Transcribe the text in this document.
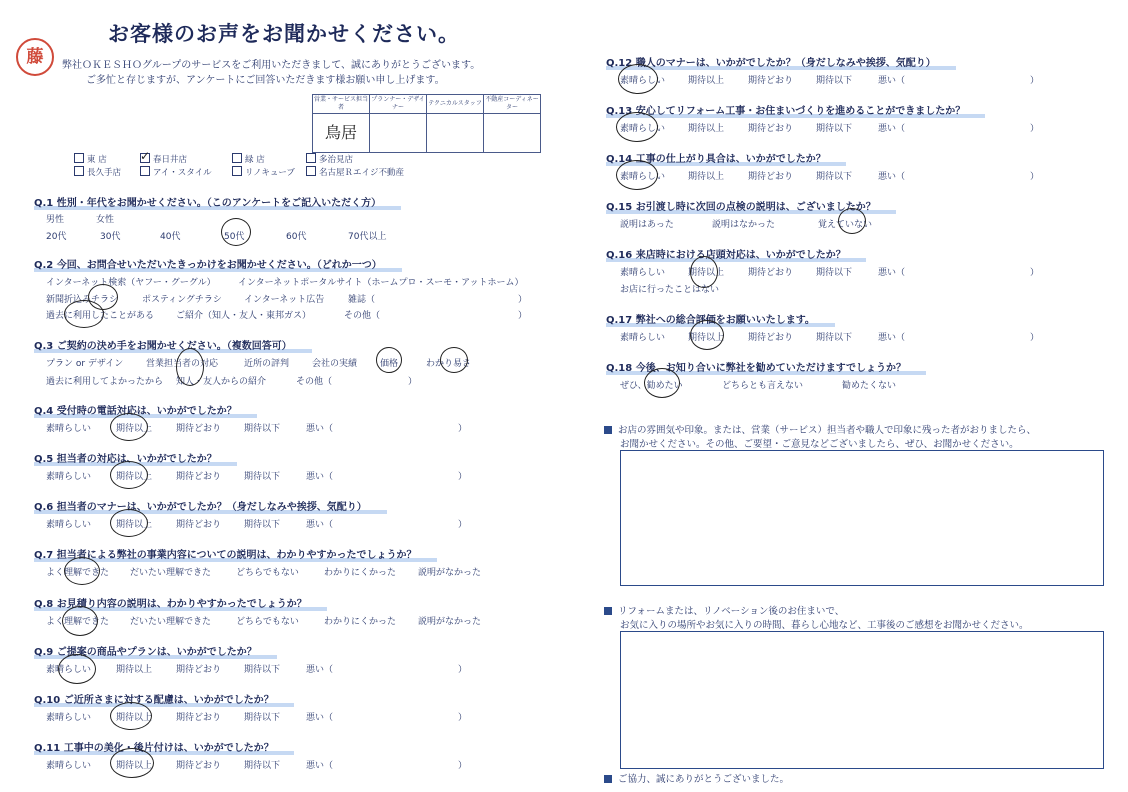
藤
お客様のお声をお聞かせください。
弊社ＯＫＥＳＨＯグループのサービスをご利用いただきまして、誠にありがとうございます。
ご多忙と存じますが、アンケートにご回答いただきます様お願い申し上げます。
営業・サービス担当者	プランナー・デザイナー	テクニカルスタッフ	不動産コーディネーター
鳥居			
東 店	✓ 春日井店	緑 店	多治見店
長久手店	アイ・スタイル	リノキューブ	名古屋Ｒエイジ不動産
Q.1 性別・年代をお聞かせください。（このアンケートをご記入いただく方）
男性	女性
20代	30代	40代	50代	60代	70代以上
Q.2 今回、お問合せいただいたきっかけをお聞かせください。（どれか一つ）
インターネット検索（ヤフー・グーグル） インターネットポータルサイト（ホームプロ・スーモ・アットホーム）
新聞折込みチラシ	ポスティングチラシ インターネット広告	雑誌（	）
過去に利用したことがある ご紹介（知人・友人・東邦ガス）	その他（	）
Q.3 ご契約の決め手をお聞かせください。（複数回答可）
プラン or デザイン	営業担当者の対応	近所の評判	会社の実績	価格	わかり易さ
過去に利用してよかったから 知人・友人からの紹介	その他（	）
Q.4 受付時の電話対応は、いかがでしたか？
素晴らしい	期待以上	期待どおり	期待以下	悪い（	）
Q.5 担当者の対応は、いかがでしたか？
素晴らしい	期待以上	期待どおり	期待以下	悪い（	）
Q.6 担当者のマナーは、いかがでしたか？（身だしなみや挨拶、気配り）
素晴らしい	期待以上	期待どおり	期待以下	悪い（	）
Q.7 担当者による弊社の事業内容についての説明は、わかりやすかったでしょうか？
よく理解できた だいたい理解できた	どちらでもない	わかりにくかった 説明がなかった
Q.8 お見積り内容の説明は、わかりやすかったでしょうか？
よく理解できた だいたい理解できた	どちらでもない	わかりにくかった 説明がなかった
Q.9 ご提案の商品やプランは、いかがでしたか？
素晴らしい	期待以上	期待どおり	期待以下	悪い（	）
Q.10 ご近所さまに対する配慮は、いかがでしたか？
素晴らしい	期待以上	期待どおり	期待以下	悪い（	）
Q.11 工事中の美化・後片付けは、いかがでしたか？
素晴らしい	期待以上	期待どおり	期待以下	悪い（	）
Q.12 職人のマナーは、いかがでしたか？（身だしなみや挨拶、気配り）
素晴らしい	期待以上	期待どおり	期待以下	悪い（	）
Q.13 安心してリフォーム工事・お住まいづくりを進めることができましたか？
素晴らしい	期待以上	期待どおり	期待以下	悪い（	）
Q.14 工事の仕上がり具合は、いかがでしたか？
素晴らしい	期待以上	期待どおり	期待以下	悪い（	）
Q.15 お引渡し時に次回の点検の説明は、ございましたか？
説明はあった	説明はなかった	覚えていない
Q.16 来店時における店頭対応は、いかがでしたか？
素晴らしい	期待以上	期待どおり	期待以下	悪い（	）
お店に行ったことはない
Q.17 弊社への総合評価をお願いいたします。
素晴らしい	期待以上	期待どおり	期待以下	悪い（	）
Q.18 今後、お知り合いに弊社を勧めていただけますでしょうか？
ぜひ、勧めたい	どちらとも言えない	勧めたくない
お店の雰囲気や印象。または、営業（サービス）担当者や職人で印象に残った者がおりましたら、
お聞かせください。その他、ご要望・ご意見などございましたら、ぜひ、お聞かせください。
リフォームまたは、リノベーション後のお住まいで、
お気に入りの場所やお気に入りの時間、暮らし心地など、工事後のご感想をお聞かせください。
ご協力、誠にありがとうございました。
